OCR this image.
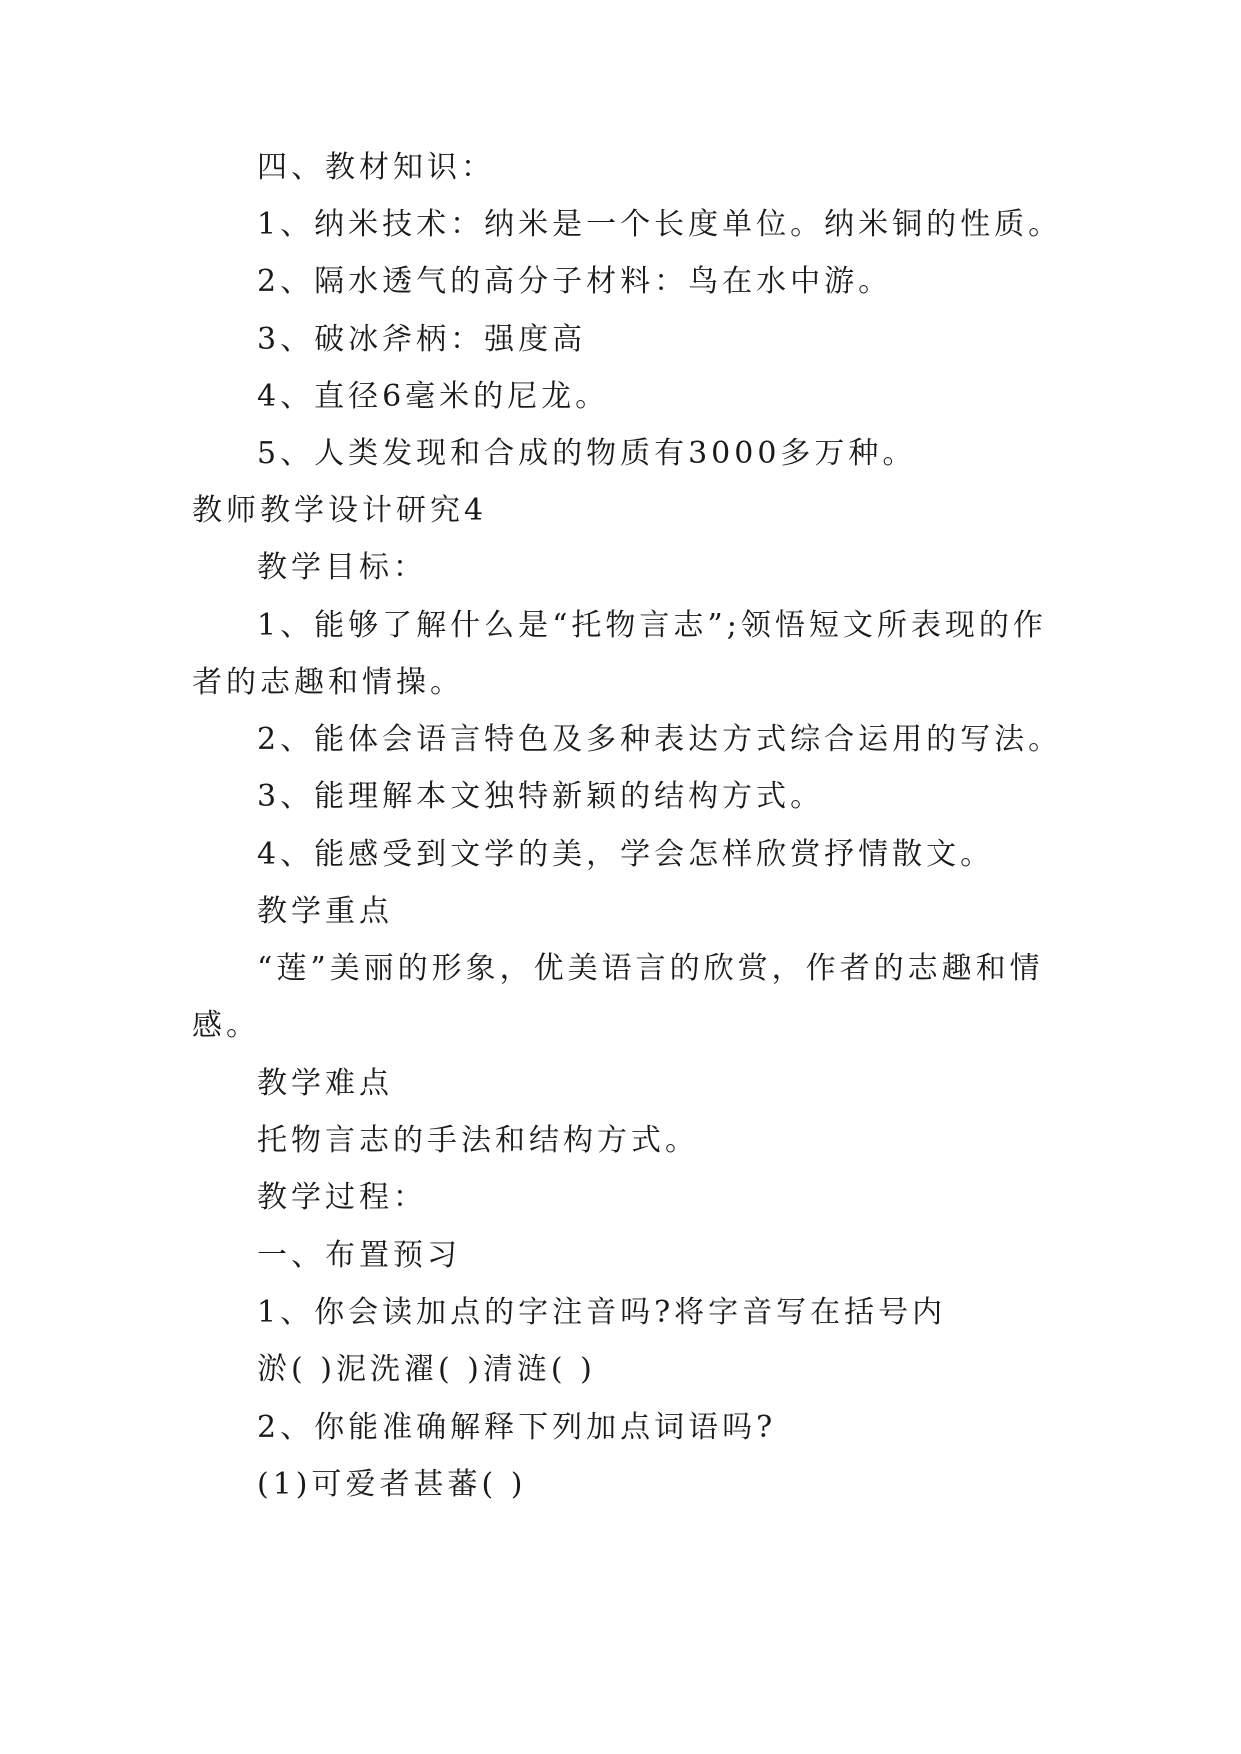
四、教材知识：
1、纳米技术：纳米是一个长度单位。纳米铜的性质。
2、隔水透气的高分子材料：鸟在水中游。
3、破冰斧柄：强度高
4、直径6毫米的尼龙。
5、人类发现和合成的物质有3000多万种。
教师教学设计研究4
教学目标：
1、能够了解什么是“托物言志”;领悟短文所表现的作
者的志趣和情操。
2、能体会语言特色及多种表达方式综合运用的写法。
3、能理解本文独特新颖的结构方式。
4、能感受到文学的美，学会怎样欣赏抒情散文。
教学重点
“莲”美丽的形象，优美语言的欣赏，作者的志趣和情
感。
教学难点
托物言志的手法和结构方式。
教学过程：
一、布置预习
1、你会读加点的字注音吗?将字音写在括号内
淤( )泥洗濯( )清涟( )
2、你能准确解释下列加点词语吗?
(1)可爱者甚蕃( )
